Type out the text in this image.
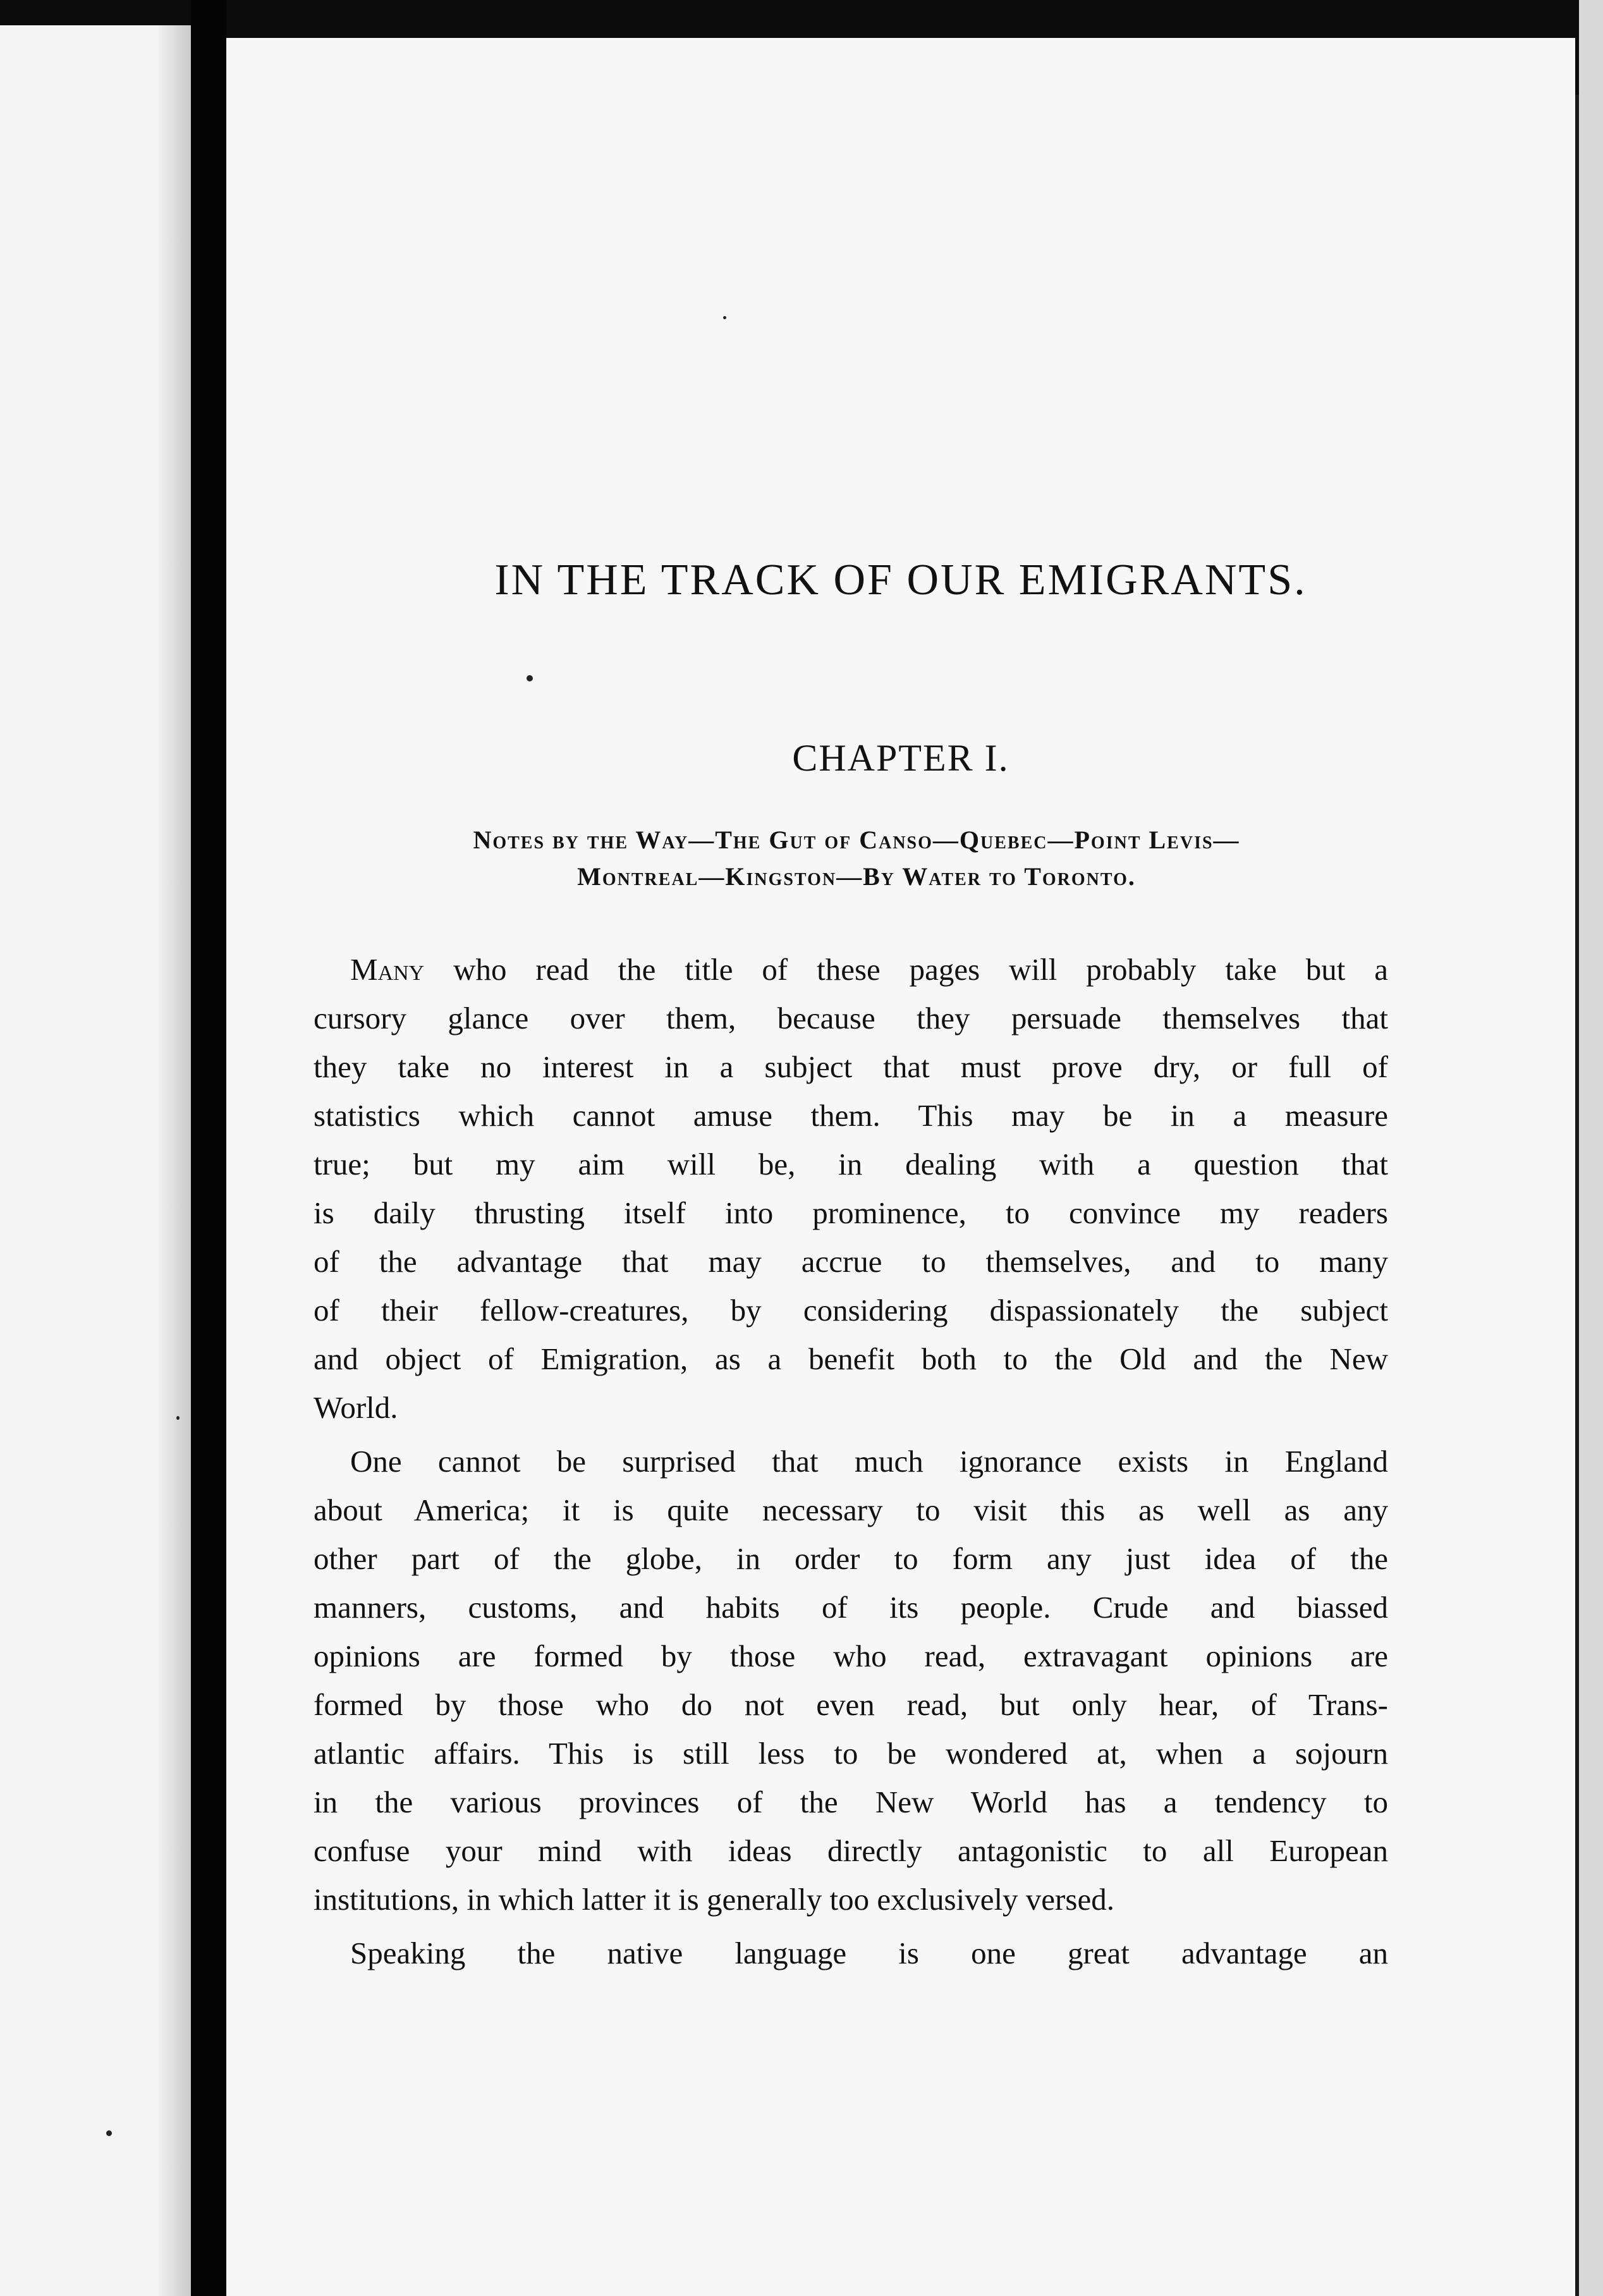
IN THE TRACK OF OUR EMIGRANTS.
CHAPTER I.
Notes by the Way—The Gut of Canso—Quebec—Point Levis—
Montreal—Kingston—By Water to Toronto.
Many who read the title of these pages will probably take but a
cursory glance over them, because they persuade themselves that
they take no interest in a subject that must prove dry, or full of
statistics which cannot amuse them. This may be in a measure
true; but my aim will be, in dealing with a question that
is daily thrusting itself into prominence, to convince my readers
of the advantage that may accrue to themselves, and to many
of their fellow-creatures, by considering dispassionately the subject
and object of Emigration, as a benefit both to the Old and the New
World.
One cannot be surprised that much ignorance exists in England
about America; it is quite necessary to visit this as well as any
other part of the globe, in order to form any just idea of the
manners, customs, and habits of its people. Crude and biassed
opinions are formed by those who read, extravagant opinions are
formed by those who do not even read, but only hear, of Trans-
atlantic affairs. This is still less to be wondered at, when a sojourn
in the various provinces of the New World has a tendency to
confuse your mind with ideas directly antagonistic to all European
institutions, in which latter it is generally too exclusively versed.
Speaking the native language is one great advantage an
